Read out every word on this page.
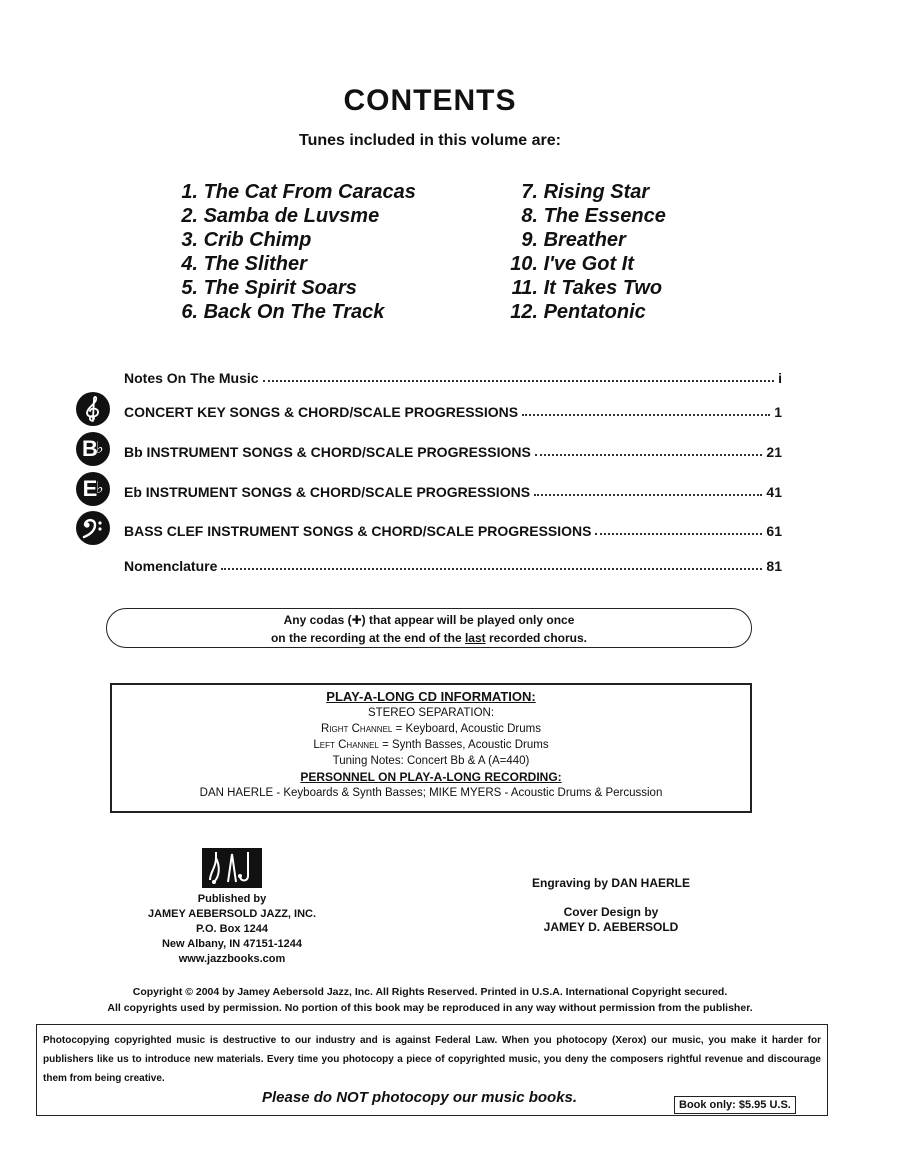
CONTENTS
Tunes included in this volume are:
1. The Cat From Caracas
2. Samba de Luvsme
3. Crib Chimp
4. The Slither
5. The Spirit Soars
6. Back On The Track
7. Rising Star
8. The Essence
9. Breather
10. I've Got It
11. It Takes Two
12. Pentatonic
Notes On The Music	i
CONCERT KEY SONGS & CHORD/SCALE PROGRESSIONS	1
B
♭ Bb INSTRUMENT SONGS & CHORD/SCALE PROGRESSIONS	21
E
♭ Eb INSTRUMENT SONGS & CHORD/SCALE PROGRESSIONS	41
BASS CLEF INSTRUMENT SONGS & CHORD/SCALE PROGRESSIONS	61
Nomenclature	81
Any codas (✚) that appear will be played only once
on the recording at the end of the last recorded chorus.
PLAY-A-LONG CD INFORMATION:
STEREO SEPARATION:
Right Channel = Keyboard, Acoustic Drums
Left Channel = Synth Basses, Acoustic Drums
Tuning Notes: Concert Bb & A (A=440)
PERSONNEL ON PLAY-A-LONG RECORDING:
DAN HAERLE - Keyboards & Synth Basses; MIKE MYERS - Acoustic Drums & Percussion
Published by
JAMEY AEBERSOLD JAZZ, INC.
P.O. Box 1244
New Albany, IN 47151-1244
www.jazzbooks.com
Engraving by DAN HAERLE
Cover Design by
JAMEY D. AEBERSOLD
Copyright © 2004 by Jamey Aebersold Jazz, Inc. All Rights Reserved. Printed in U.S.A. International Copyright secured.
All copyrights used by permission. No portion of this book may be reproduced in any way without permission from the publisher.
Photocopying copyrighted music is destructive to our industry and is against Federal Law. When you photocopy (Xerox) our music, you make it harder for publishers like us to introduce new materials. Every time you photocopy a piece of copyrighted music, you deny the composers rightful revenue and discourage them from being creative.
Please do NOT photocopy our music books.	Book only: $5.95 U.S.
